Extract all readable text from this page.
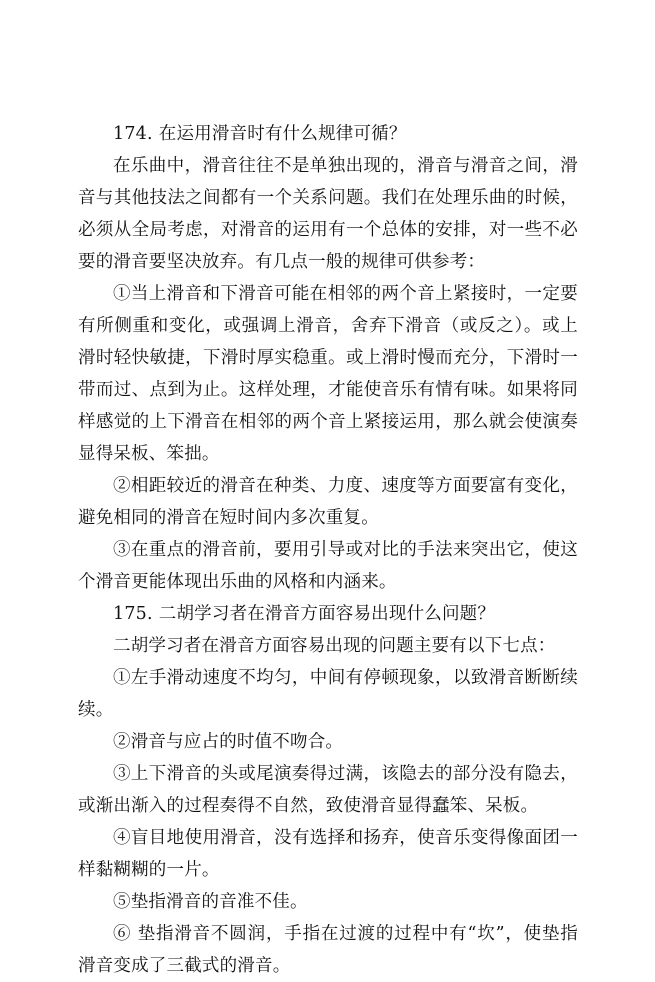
174. 在运用滑音时有什么规律可循？

在乐曲中，滑音往往不是单独出现的，滑音与滑音之间，滑音与其他技法之间都有一个关系问题。我们在处理乐曲的时候，必须从全局考虑，对滑音的运用有一个总体的安排，对一些不必要的滑音要坚决放弃。有几点一般的规律可供参考：

①当上滑音和下滑音可能在相邻的两个音上紧接时，一定要有所侧重和变化，或强调上滑音，舍弃下滑音（或反之）。或上滑时轻快敏捷，下滑时厚实稳重。或上滑时慢而充分，下滑时一带而过、点到为止。这样处理，才能使音乐有情有味。如果将同样感觉的上下滑音在相邻的两个音上紧接运用，那么就会使演奏显得呆板、笨拙。

②相距较近的滑音在种类、力度、速度等方面要富有变化，避免相同的滑音在短时间内多次重复。

③在重点的滑音前，要用引导或对比的手法来突出它，使这个滑音更能体现出乐曲的风格和内涵来。

175. 二胡学习者在滑音方面容易出现什么问题？

二胡学习者在滑音方面容易出现的问题主要有以下七点：

①左手滑动速度不均匀，中间有停顿现象，以致滑音断断续续。

②滑音与应占的时值不吻合。

③上下滑音的头或尾演奏得过满，该隐去的部分没有隐去，或渐出渐入的过程奏得不自然，致使滑音显得蠢笨、呆板。

④盲目地使用滑音，没有选择和扬弃，使音乐变得像面团一样黏糊糊的一片。

⑤垫指滑音的音准不佳。

⑥ 垫指滑音不圆润，手指在过渡的过程中有“坎”，使垫指滑音变成了三截式的滑音。
